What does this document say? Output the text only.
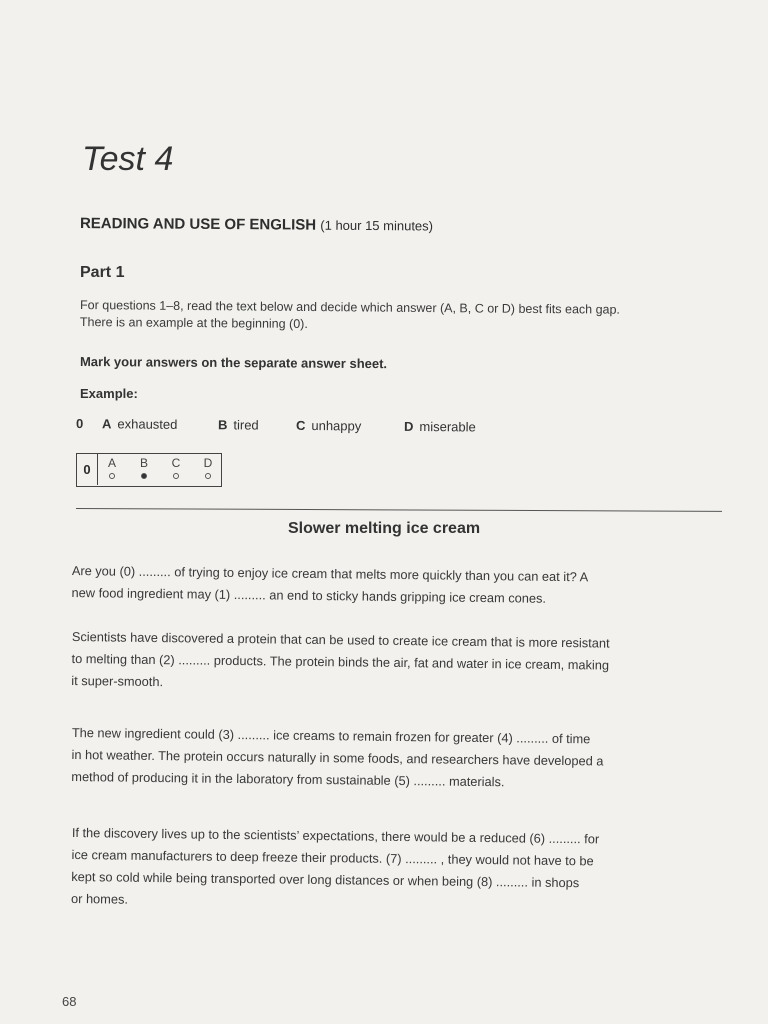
Test 4
READING AND USE OF ENGLISH (1 hour 15 minutes)
Part 1
For questions 1–8, read the text below and decide which answer (A, B, C or D) best fits each gap.
There is an example at the beginning (0).
Mark your answers on the separate answer sheet.
Example:
0 A exhausted	B tired	C unhappy	D miserable
0	A B C D
Slower melting ice cream
Are you (0) ......... of trying to enjoy ice cream that melts more quickly than you can eat it? A
new food ingredient may (1) ......... an end to sticky hands gripping ice cream cones.
Scientists have discovered a protein that can be used to create ice cream that is more resistant
to melting than (2) ......... products. The protein binds the air, fat and water in ice cream, making
it super-smooth.
The new ingredient could (3) ......... ice creams to remain frozen for greater (4) ......... of time
in hot weather. The protein occurs naturally in some foods, and researchers have developed a
method of producing it in the laboratory from sustainable (5) ......... materials.
If the discovery lives up to the scientists’ expectations, there would be a reduced (6) ......... for
ice cream manufacturers to deep freeze their products. (7) ......... , they would not have to be
kept so cold while being transported over long distances or when being (8) ......... in shops
or homes.
68
